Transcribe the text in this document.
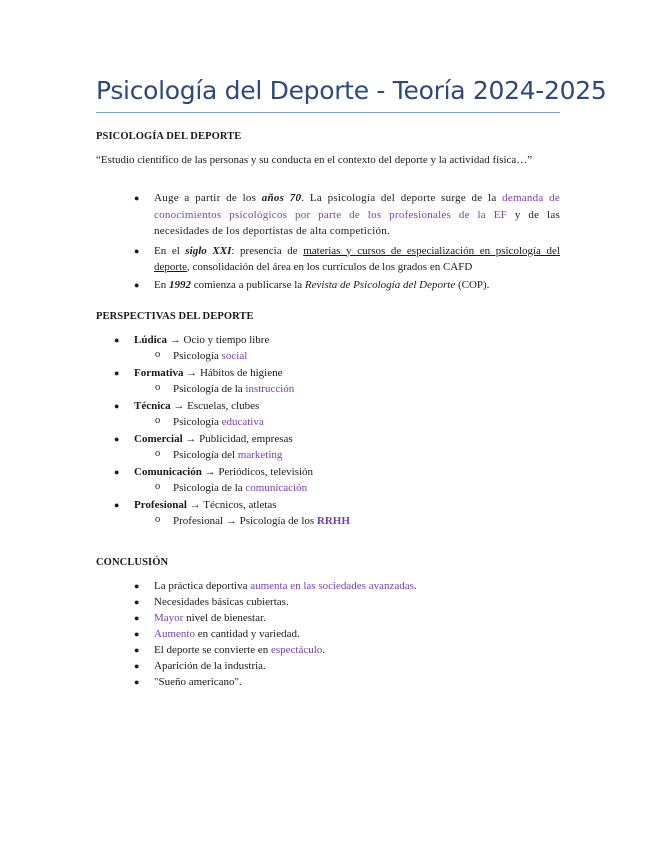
Psicología del Deporte - Teoría 2024-2025
PSICOLOGÍA DEL DEPORTE
“Estudio científico de las personas y su conducta en el contexto del deporte y la actividad física…”
● Auge a partir de los años 70. La psicología del deporte surge de la demanda de conocimientos psicológicos por parte de los profesionales de la EF y de las necesidades de los deportistas de alta competición.
● En el siglo XXI: presencia de materias y cursos de especialización en psicología del deporte, consolidación del área en los currículos de los grados en CAFD
● En 1992 comienza a publicarse la Revista de Psicología del Deporte (COP).
PERSPECTIVAS DEL DEPORTE
● Lúdica → Ocio y tiempo libre
o Psicología social
● Formativa → Hábitos de higiene
o Psicología de la instrucción
● Técnica → Escuelas, clubes
o Psicología educativa
● Comercial → Publicidad, empresas
o Psicología del marketing
● Comunicación → Periódicos, televisión
o Psicología de la comunicación
● Profesional → Técnicos, atletas
o Profesional → Psicología de los RRHH
CONCLUSIÓN
● La práctica deportiva aumenta en las sociedades avanzadas.
● Necesidades básicas cubiertas.
● Mayor nivel de bienestar.
● Aumento en cantidad y variedad.
● El deporte se convierte en espectáculo.
● Aparición de la industria.
● "Sueño americano".
